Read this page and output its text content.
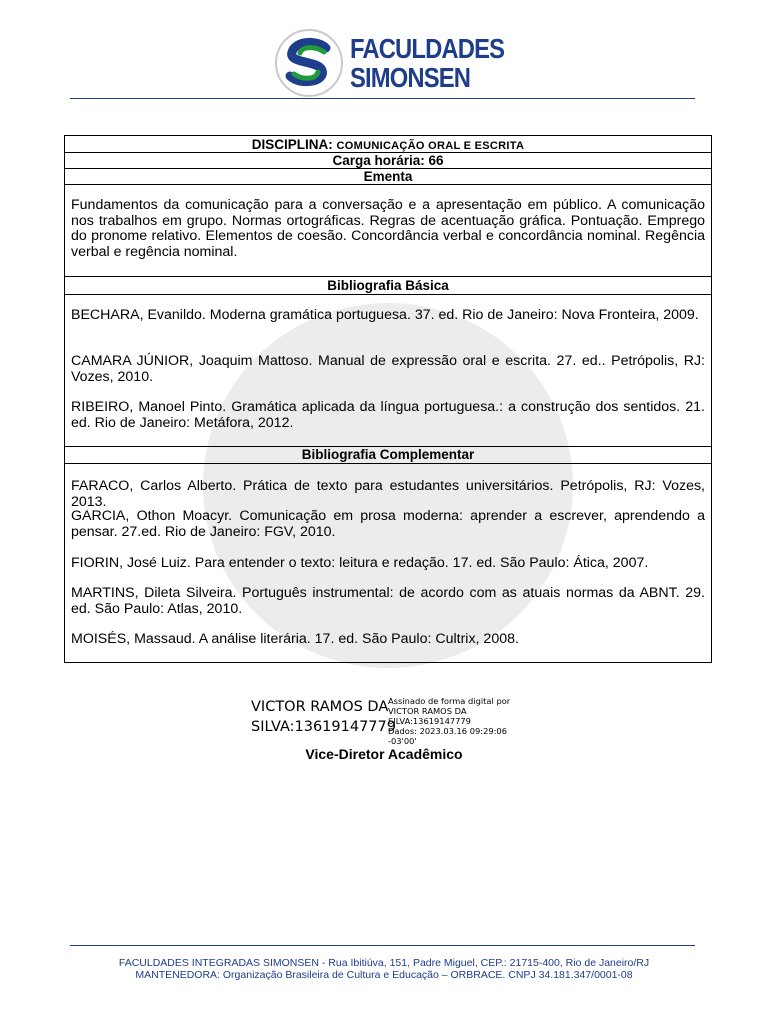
FACULDADES
SIMONSEN
DISCIPLINA: COMUNICAÇÃO ORAL E ESCRITA
Carga horária: 66
Ementa
Fundamentos da comunicação para a conversação e a apresentação em público. A comunicação nos trabalhos em grupo. Normas ortográficas. Regras de acentuação gráfica. Pontuação. Emprego do pronome relativo. Elementos de coesão. Concordância verbal e concordância nominal. Regência verbal e regência nominal.
Bibliografia Básica
BECHARA, Evanildo. Moderna gramática portuguesa. 37. ed. Rio de Janeiro: Nova Fronteira, 2009.
CAMARA JÚNIOR, Joaquim Mattoso. Manual de expressão oral e escrita. 27. ed.. Petrópolis, RJ: Vozes, 2010.
RIBEIRO, Manoel Pinto. Gramática aplicada da língua portuguesa.: a construção dos sentidos. 21. ed. Rio de Janeiro: Metáfora, 2012.
Bibliografia Complementar
FARACO, Carlos Alberto. Prática de texto para estudantes universitários. Petrópolis, RJ: Vozes, 2013.
GARCIA, Othon Moacyr. Comunicação em prosa moderna: aprender a escrever, aprendendo a pensar. 27.ed. Rio de Janeiro: FGV, 2010.
FIORIN, José Luiz. Para entender o texto: leitura e redação. 17. ed. São Paulo: Ática, 2007.
MARTINS, Dileta Silveira. Português instrumental: de acordo com as atuais normas da ABNT. 29. ed. São Paulo: Atlas, 2010.
MOISÉS, Massaud. A análise literária. 17. ed. São Paulo: Cultrix, 2008.
VICTOR RAMOS DA
SILVA:13619147779
Assinado de forma digital por
VICTOR RAMOS DA
SILVA:13619147779
Dados: 2023.03.16 09:29:06 -03'00'
Vice-Diretor Acadêmico
FACULDADES INTEGRADAS SIMONSEN - Rua Ibitiúva, 151, Padre Miguel, CEP.: 21715-400, Rio de Janeiro/RJ
MANTENEDORA: Organização Brasileira de Cultura e Educação – ORBRACE. CNPJ 34.181.347/0001-08
